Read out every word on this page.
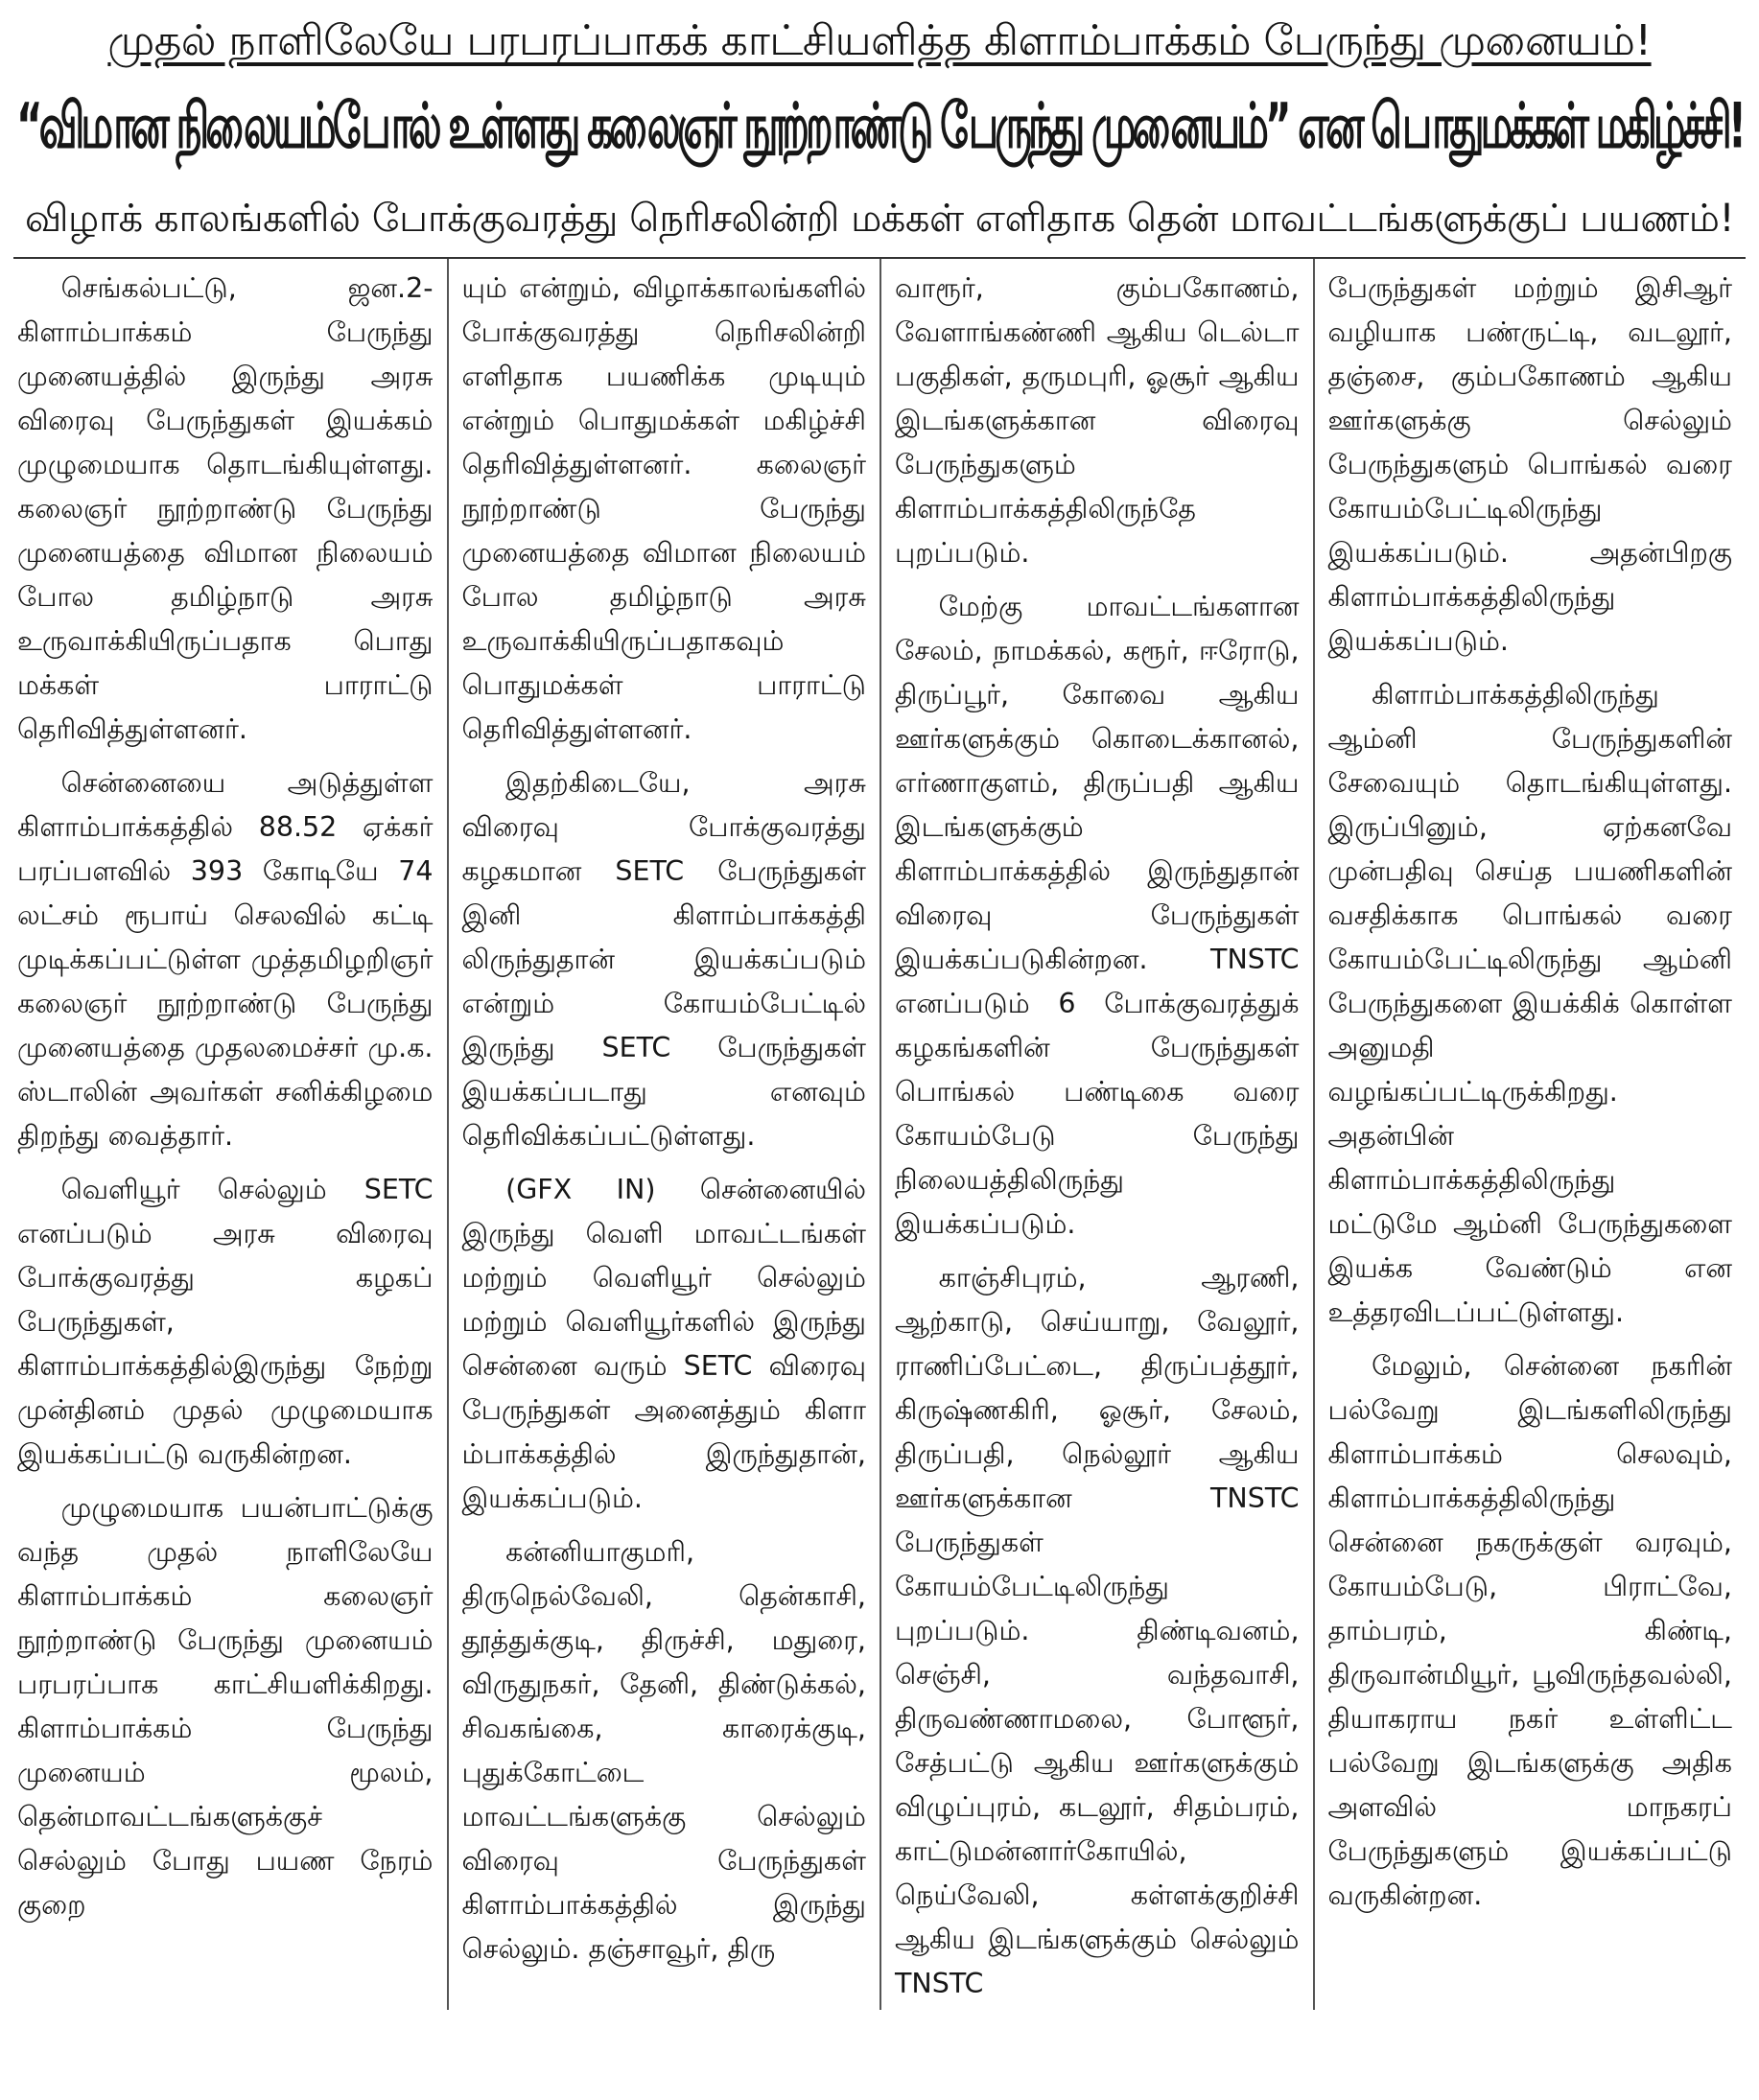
முதல் நாளிலேயே பரபரப்பாகக் காட்சியளித்த கிளாம்பாக்கம் பேருந்து முனையம்!
“விமான நிலையம்போல் உள்ளது கலைஞர் நூற்றாண்டு பேருந்து முனையம்” என பொதுமக்கள் மகிழ்ச்சி!
விழாக் காலங்களில் போக்குவரத்து நெரிசலின்றி மக்கள் எளிதாக தென் மாவட்டங்களுக்குப் பயணம்!

செங்கல்பட்டு, ஜன.2- கிளாம்பாக்கம் பேருந்து முனையத்தில் இருந்து அரசு விரைவு பேருந்துகள் இயக்கம் முழுமையாக தொடங்கியுள்ளது. கலைஞர் நூற்றாண்டு பேருந்து முனையத்தை விமான நிலையம் போல தமிழ்நாடு அரசு உருவாக்கியிருப்பதாக பொது மக்கள் பாராட்டு தெரிவித்துள்ளனர்.

சென்னையை அடுத்துள்ள கிளாம்பாக்கத்தில் 88.52 ஏக்கர் பரப்பளவில் 393 கோடியே 74 லட்சம் ரூபாய் செலவில் கட்டி முடிக்கப்பட்டுள்ள முத்தமிழறிஞர் கலைஞர் நூற்றாண்டு பேருந்து முனையத்தை முதலமைச்சர் மு.க. ஸ்டாலின் அவர்கள் சனிக்கிழமை திறந்து வைத்தார்.

வெளியூர் செல்லும் SETC எனப்படும் அரசு விரைவு போக்குவரத்து கழகப் பேருந்துகள், கிளாம்பாக்கத்தில்இருந்து நேற்று முன்தினம் முதல் முழுமையாக இயக்கப்பட்டு வருகின்றன.

முழுமையாக பயன்பாட்டுக்கு வந்த முதல் நாளிலேயே கிளாம்பாக்கம் கலைஞர் நூற்றாண்டு பேருந்து முனையம் பரபரப்பாக காட்சியளிக்கிறது. கிளாம்பாக்கம் பேருந்து முனையம் மூலம், தென்மாவட்டங்களுக்குச் செல்லும் போது பயண நேரம் குறை

யும் என்றும், விழாக்காலங்களில் போக்குவரத்து நெரிசலின்றி எளிதாக பயணிக்க முடியும் என்றும் பொதுமக்கள் மகிழ்ச்சி தெரிவித்துள்ளனர். கலைஞர் நூற்றாண்டு பேருந்து முனையத்தை விமான நிலையம் போல தமிழ்நாடு அரசு உருவாக்கியிருப்பதாகவும் பொதுமக்கள் பாராட்டு தெரிவித்துள்ளனர்.

இதற்கிடையே, அரசு விரைவு போக்குவரத்து கழகமான SETC பேருந்துகள் இனி கிளாம்பாக்கத்தி லிருந்துதான் இயக்கப்படும் என்றும் கோயம்பேட்டில் இருந்து SETC பேருந்துகள் இயக்கப்படாது எனவும் தெரிவிக்கப்பட்டுள்ளது.

(GFX IN) சென்னையில் இருந்து வெளி மாவட்டங்கள் மற்றும் வெளியூர் செல்லும் மற்றும் வெளியூர்களில் இருந்து சென்னை வரும் SETC விரைவு பேருந்துகள் அனைத்தும் கிளா ம்பாக்கத்தில் இருந்துதான், இயக்கப்படும்.

கன்னியாகுமரி, திருநெல்வேலி, தென்காசி, தூத்துக்குடி, திருச்சி, மதுரை, விருதுநகர், தேனி, திண்டுக்கல், சிவகங்கை, காரைக்குடி, புதுக்கோட்டை மாவட்டங்களுக்கு செல்லும் விரைவு பேருந்துகள் கிளாம்பாக்கத்தில் இருந்து செல்லும். தஞ்சாவூர், திரு

வாரூர், கும்பகோணம், வேளாங்கண்ணி ஆகிய டெல்டா பகுதிகள், தருமபுரி, ஓசூர் ஆகிய இடங்களுக்கான விரைவு பேருந்துகளும் கிளாம்பாக்கத்திலிருந்தே புறப்படும்.

மேற்கு மாவட்டங்களான சேலம், நாமக்கல், கரூர், ஈரோடு, திருப்பூர், கோவை ஆகிய ஊர்களுக்கும் கொடைக்கானல், எர்ணாகுளம், திருப்பதி ஆகிய இடங்களுக்கும் கிளாம்பாக்கத்தில் இருந்துதான் விரைவு பேருந்துகள் இயக்கப்படுகின்றன. TNSTC எனப்படும் 6 போக்குவரத்துக் கழகங்களின் பேருந்துகள் பொங்கல் பண்டிகை வரை கோயம்பேடு பேருந்து நிலையத்திலிருந்து இயக்கப்படும்.

காஞ்சிபுரம், ஆரணி, ஆற்காடு, செய்யாறு, வேலூர், ராணிப்பேட்டை, திருப்பத்தூர், கிருஷ்ணகிரி, ஓசூர், சேலம், திருப்பதி, நெல்லூர் ஆகிய ஊர்களுக்கான TNSTC பேருந்துகள் கோயம்பேட்டிலிருந்து புறப்படும். திண்டிவனம், செஞ்சி, வந்தவாசி, திருவண்ணாமலை, போளூர், சேத்பட்டு ஆகிய ஊர்களுக்கும் விழுப்புரம், கடலூர், சிதம்பரம், காட்டுமன்னார்கோயில், நெய்வேலி, கள்ளக்குறிச்சி ஆகிய இடங்களுக்கும் செல்லும் TNSTC

பேருந்துகள் மற்றும் இசிஆர் வழியாக பண்ருட்டி, வடலூர், தஞ்சை, கும்பகோணம் ஆகிய ஊர்களுக்கு செல்லும் பேருந்துகளும் பொங்கல் வரை கோயம்பேட்டிலிருந்து இயக்கப்படும். அதன்பிறகு கிளாம்பாக்கத்திலிருந்து இயக்கப்படும்.

கிளாம்பாக்கத்திலிருந்து ஆம்னி பேருந்துகளின் சேவையும் தொடங்கியுள்ளது. இருப்பினும், ஏற்கனவே முன்பதிவு செய்த பயணிகளின் வசதிக்காக பொங்கல் வரை கோயம்பேட்டிலிருந்து ஆம்னி பேருந்துகளை இயக்கிக் கொள்ள அனுமதி வழங்கப்பட்டிருக்கிறது. அதன்பின் கிளாம்பாக்கத்திலிருந்து மட்டுமே ஆம்னி பேருந்துகளை இயக்க வேண்டும் என உத்தரவிடப்பட்டுள்ளது.

மேலும், சென்னை நகரின் பல்வேறு இடங்களிலிருந்து கிளாம்பாக்கம் செலவும், கிளாம்பாக்கத்திலிருந்து சென்னை நகருக்குள் வரவும், கோயம்பேடு, பிராட்வே, தாம்பரம், கிண்டி, திருவான்மியூர், பூவிருந்தவல்லி, தியாகராய நகர் உள்ளிட்ட பல்வேறு இடங்களுக்கு அதிக அளவில் மாநகரப் பேருந்துகளும் இயக்கப்பட்டு வருகின்றன.
